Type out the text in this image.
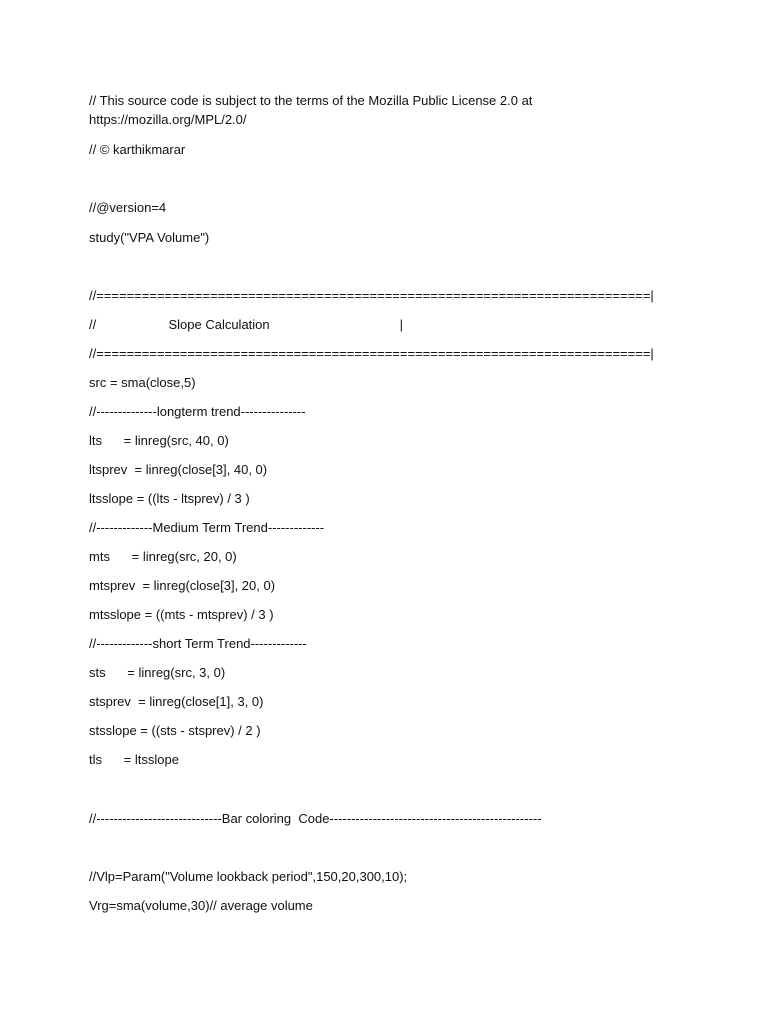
// This source code is subject to the terms of the Mozilla Public License 2.0 at
https://mozilla.org/MPL/2.0/
// © karthikmarar
//@version=4
study("VPA Volume")
//=========================================================================|
//                    Slope Calculation                                    |
//=========================================================================|
src = sma(close,5)
//--------------longterm trend---------------
lts      = linreg(src, 40, 0)
ltsprev  = linreg(close[3], 40, 0)
ltsslope = ((lts - ltsprev) / 3 )
//-------------Medium Term Trend-------------
mts      = linreg(src, 20, 0)
mtsprev  = linreg(close[3], 20, 0)
mtsslope = ((mts - mtsprev) / 3 )
//-------------short Term Trend-------------
sts      = linreg(src, 3, 0)
stsprev  = linreg(close[1], 3, 0)
stsslope = ((sts - stsprev) / 2 )
tls      = ltsslope
//-----------------------------Bar coloring  Code-------------------------------------------------
//Vlp=Param("Volume lookback period",150,20,300,10);
Vrg=sma(volume,30)// average volume
